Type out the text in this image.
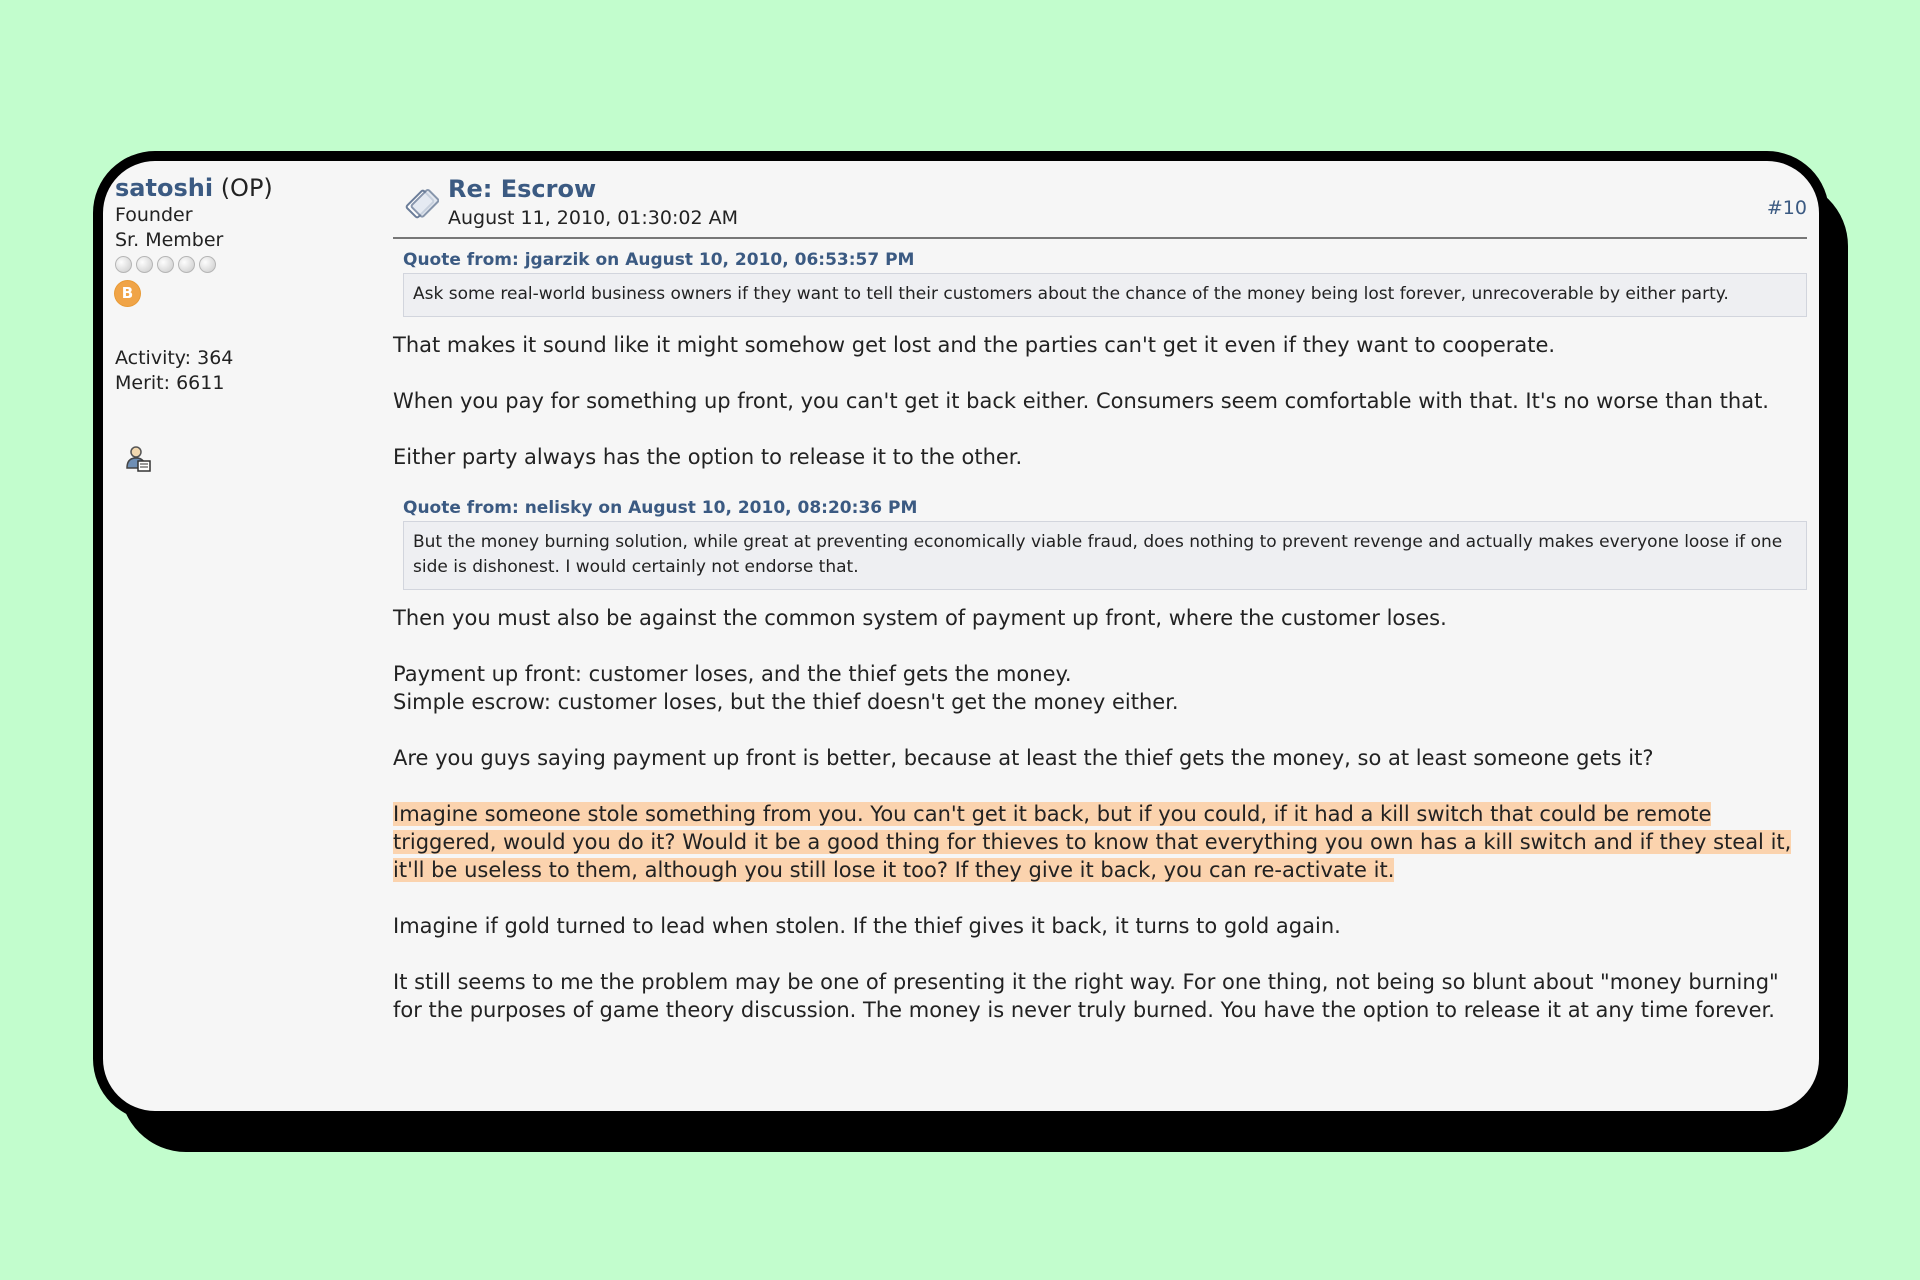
satoshi (OP)
Founder
Sr. Member
B
Activity: 364
Merit: 6611
Re: Escrow
August 11, 2010, 01:30:02 AM	#10
Quote from: jgarzik on August 10, 2010, 06:53:57 PM
Ask some real-world business owners if they want to tell their customers about the chance of the money being lost forever, unrecoverable by either party.
That makes it sound like it might somehow get lost and the parties can't get it even if they want to cooperate.
When you pay for something up front, you can't get it back either. Consumers seem comfortable with that. It's no worse than that.
Either party always has the option to release it to the other.
Quote from: nelisky on August 10, 2010, 08:20:36 PM
But the money burning solution, while great at preventing economically viable fraud, does nothing to prevent revenge and actually makes everyone loose if one side is dishonest. I would certainly not endorse that.
Then you must also be against the common system of payment up front, where the customer loses.
Payment up front: customer loses, and the thief gets the money.
Simple escrow: customer loses, but the thief doesn't get the money either.
Are you guys saying payment up front is better, because at least the thief gets the money, so at least someone gets it?
Imagine someone stole something from you. You can't get it back, but if you could, if it had a kill switch that could be remote triggered, would you do it? Would it be a good thing for thieves to know that everything you own has a kill switch and if they steal it, it'll be useless to them, although you still lose it too? If they give it back, you can re-activate it.
Imagine if gold turned to lead when stolen. If the thief gives it back, it turns to gold again.
It still seems to me the problem may be one of presenting it the right way. For one thing, not being so blunt about "money burning" for the purposes of game theory discussion. The money is never truly burned. You have the option to release it at any time forever.
